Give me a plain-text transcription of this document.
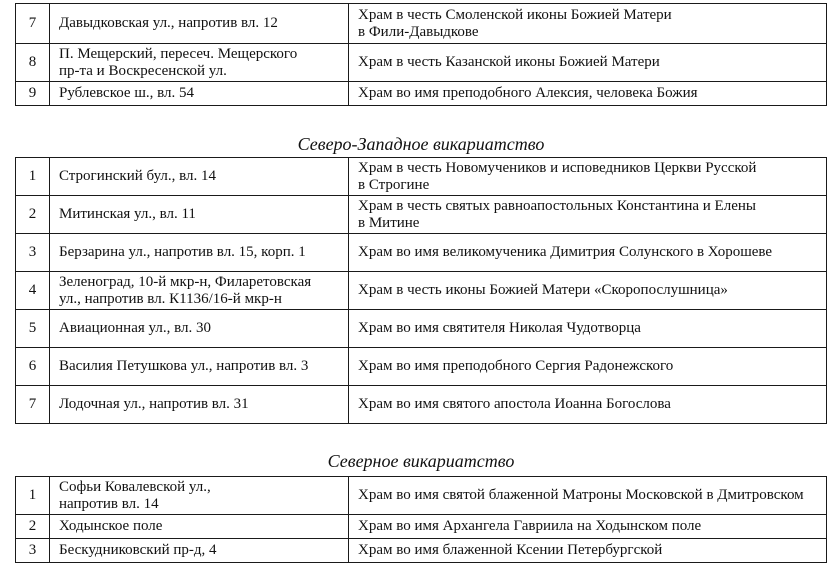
7	Давыдковская ул., напротив вл. 12	Храм в честь Смоленской иконы Божией Матери
в Фили-Давыдкове
8	П. Мещерский, пересеч. Мещерского
пр-та и Воскресенской ул.	Храм в честь Казанской иконы Божией Матери
9	Рублевское ш., вл. 54	Храм во имя преподобного Алексия, человека Божия
Северо-Западное викариатство
1	Строгинский бул., вл. 14	Храм в честь Новомучеников и исповедников Церкви Русской
в Строгине
2	Митинская ул., вл. 11	Храм в честь святых равноапостольных Константина и Елены
в Митине
3	Берзарина ул., напротив вл. 15, корп. 1	Храм во имя великомученика Димитрия Солунского в Хорошеве
4	Зеленоград, 10-й мкр-н, Филаретовская
ул., напротив вл. К1136/16-й мкр-н	Храм в честь иконы Божией Матери «Скоропослушница»
5	Авиационная ул., вл. 30	Храм во имя святителя Николая Чудотворца
6	Василия Петушкова ул., напротив вл. 3	Храм во имя преподобного Сергия Радонежского
7	Лодочная ул., напротив вл. 31	Храм во имя святого апостола Иоанна Богослова
Северное викариатство
1	Софьи Ковалевской ул.,
напротив вл. 14	Храм во имя святой блаженной Матроны Московской в Дмитровском
2	Ходынское поле	Храм во имя Архангела Гавриила на Ходынском поле
3	Бескудниковский пр-д, 4	Храм во имя блаженной Ксении Петербургской
